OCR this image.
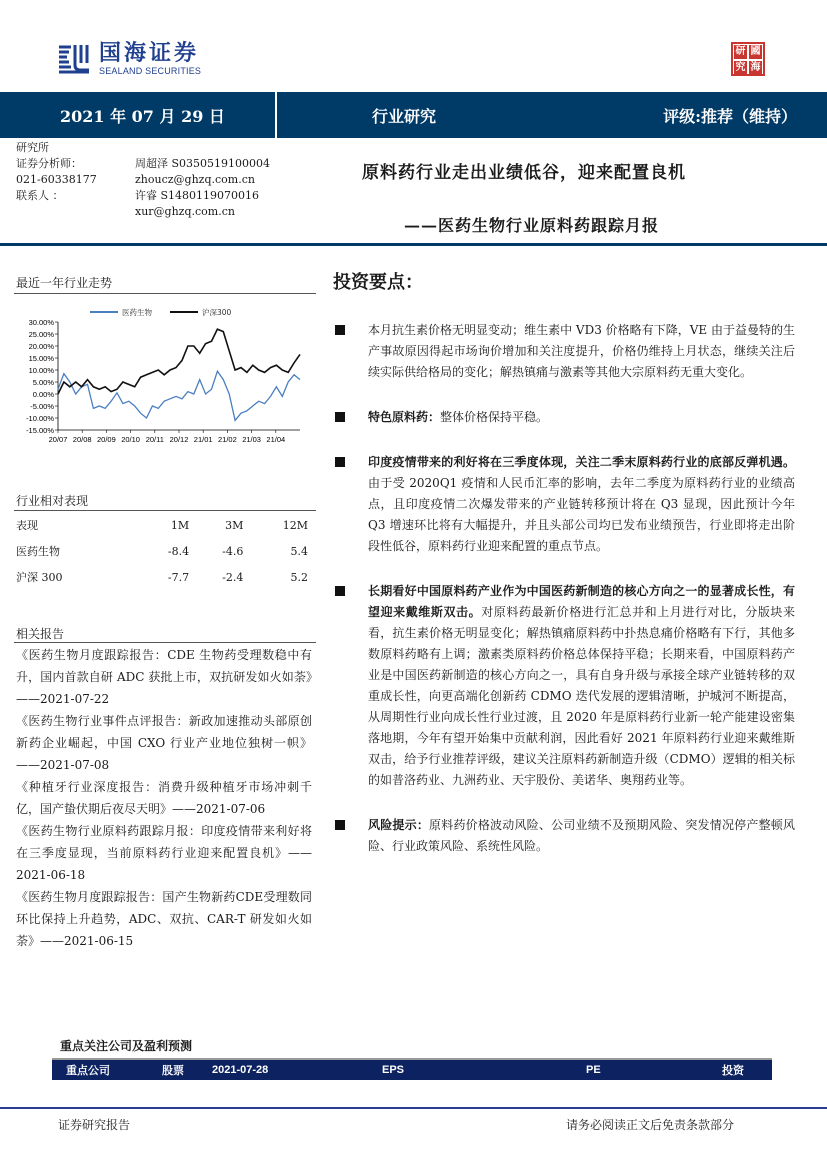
国海证券
SEALAND SECURITIES
研 國
究 海
2021 年 07 月 29 日	行业研究	评级:推荐（维持）
研究所
证券分析师：	周超泽 S0350519100004
021-60338177	zhoucz@ghzq.com.cn
联系人 ：	许睿 S1480119070016
xur@ghzq.com.cn
原料药行业走出业绩低谷，迎来配置良机
——医药生物行业原料药跟踪月报
最近一年行业走势
30.00%
25.00%
20.00%
15.00%
10.00%
5.00%
0.00%
-5.00%
-10.00%
-15.00%
20/07 20/08 20/09 20/10 20/11 20/12 21/01 21/02 21/03 21/04
医药生物	沪深300
行业相对表现
表现	1M	3M	12M
医药生物	-8.4	-4.6	5.4
沪深 300	-7.7	-2.4	5.2
相关报告

《医药生物月度跟踪报告：CDE 生物药受理数稳中有升，国内首款自研 ADC 获批上市，双抗研发如火如荼》——2021-07-22

《医药生物行业事件点评报告：新政加速推动头部原创新药企业崛起，中国 CXO 行业产业地位独树一帜》——2021-07-08

《种植牙行业深度报告：消费升级种植牙市场冲刺千亿，国产蛰伏期后夜尽天明》——2021-07-06

《医药生物行业原料药跟踪月报：印度疫情带来利好将在三季度显现，当前原料药行业迎来配置良机》——2021-06-18

《医药生物月度跟踪报告：国产生物新药CDE受理数同环比保持上升趋势，ADC、双抗、CAR-T 研发如火如荼》——2021-06-15

投资要点：
本月抗生素价格无明显变动；维生素中 VD3 价格略有下降，VE 由于益曼特的生产事故原因得起市场询价增加和关注度提升，价格仍维持上月状态，继续关注后续实际供给格局的变化；解热镇痛与激素等其他大宗原料药无重大变化。
特色原料药：整体价格保持平稳。
印度疫情带来的利好将在三季度体现，关注二季末原料药行业的底部反弹机遇。由于受 2020Q1 疫情和人民币汇率的影响，去年二季度为原料药行业的业绩高点，且印度疫情二次爆发带来的产业链转移预计将在 Q3 显现，因此预计今年 Q3 增速环比将有大幅提升，并且头部公司均已发布业绩预告，行业即将走出阶段性低谷，原料药行业迎来配置的重点节点。
长期看好中国原料药产业作为中国医药新制造的核心方向之一的显著成长性，有望迎来戴维斯双击。对原料药最新价格进行汇总并和上月进行对比，分版块来看，抗生素价格无明显变化；解热镇痛原料药中扑热息痛价格略有下行，其他多数原料药略有上调；激素类原料药价格总体保持平稳；长期来看，中国原料药产业是中国医药新制造的核心方向之一，具有自身升级与承接全球产业链转移的双重成长性，向更高端化创新药 CDMO 迭代发展的逻辑清晰，护城河不断提高，从周期性行业向成长性行业过渡，且 2020 年是原料药行业新一轮产能建设密集落地期，今年有望开始集中贡献利润，因此看好 2021 年原料药行业迎来戴维斯双击，给予行业推荐评级，建议关注原料药新制造升级（CDMO）逻辑的相关标的如普洛药业、九洲药业、天宇股份、美诺华、奥翔药业等。
风险提示：原料药价格波动风险、公司业绩不及预期风险、突发情况停产整顿风险、行业政策风险、系统性风险。
重点关注公司及盈利预测
重点公司	股票	2021-07-28	EPS	PE	投资
证券研究报告	请务必阅读正文后免责条款部分
